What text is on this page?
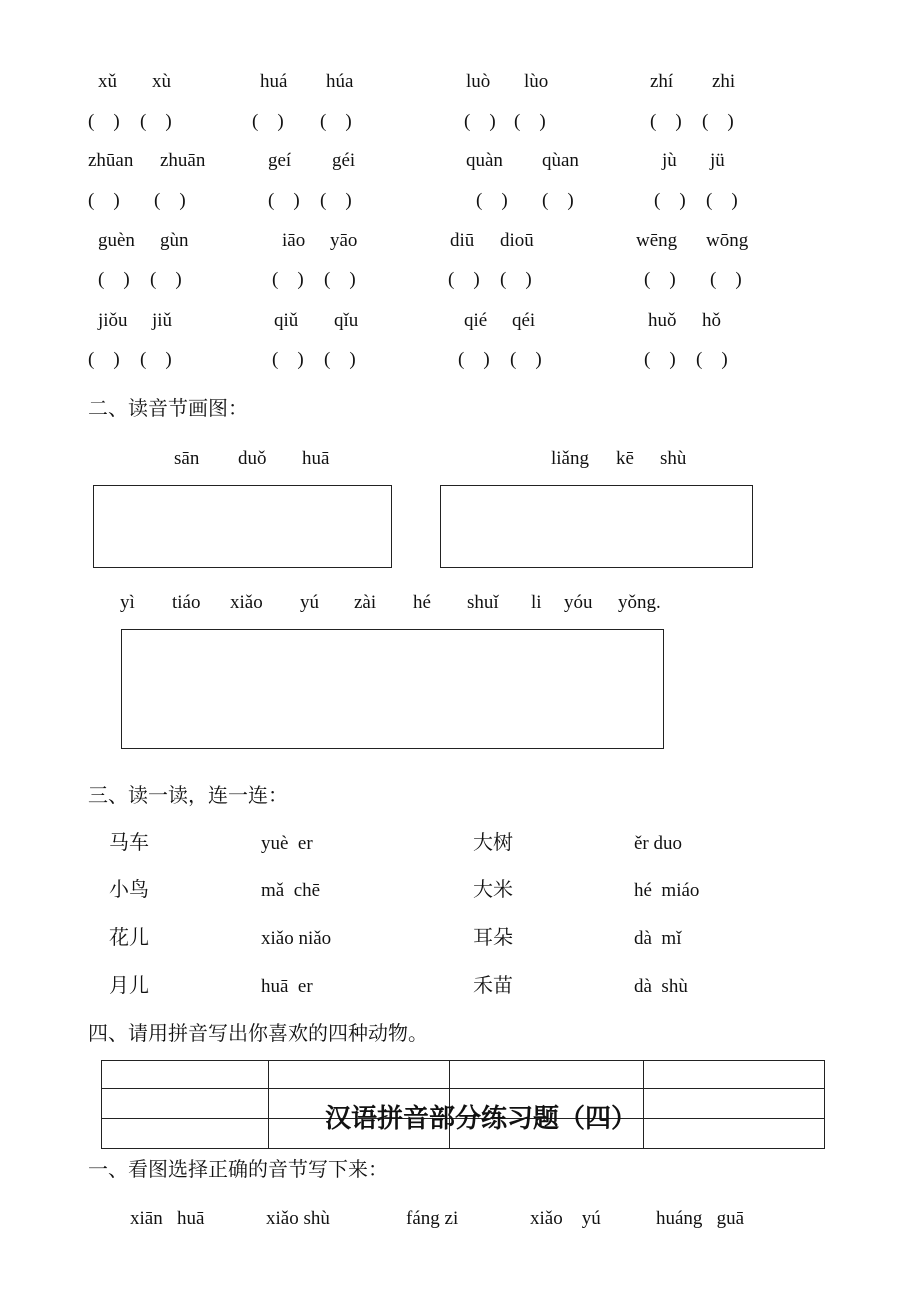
xǔ xù	huá húa	luò lùo	zhí zhi
(    ) (    )	(    ) (    )	(    ) (    )	(    ) (    )
zhūan zhuān	geí géi	quàn qùan	jù jü
(    ) (    )	(    ) (    )	(    ) (    )	(    ) (    )
guèn gùn	iāo yāo	diū dioū	wēng wōng
(    ) (    )	(    ) (    )	(    ) (    )	(    ) (    )
jiǒu jiǔ	qiǔ qǐu	qié qéi	huǒ hǒ
(    ) (    )	(    ) (    )	(    ) (    )	(    ) (    )
二、读音节画图：
sān duǒ huā	liǎng kē shù
yì tiáo xiǎo yú zài hé shuǐ li yóu yǒng.
三、读一读，连一连：
马车	yuè  er	大树	ěr duo
小鸟	mǎ  chē	大米	hé  miáo
花儿	xiǎo niǎo	耳朵	dà  mǐ
月儿	huā  er	禾苗	dà  shù
四、请用拼音写出你喜欢的四种动物。
汉语拼音部分练习题（四）
一、看图选择正确的音节写下来：
xiān   huā	xiǎo shù	fáng zi	xiǎo    yú	huáng   guā
